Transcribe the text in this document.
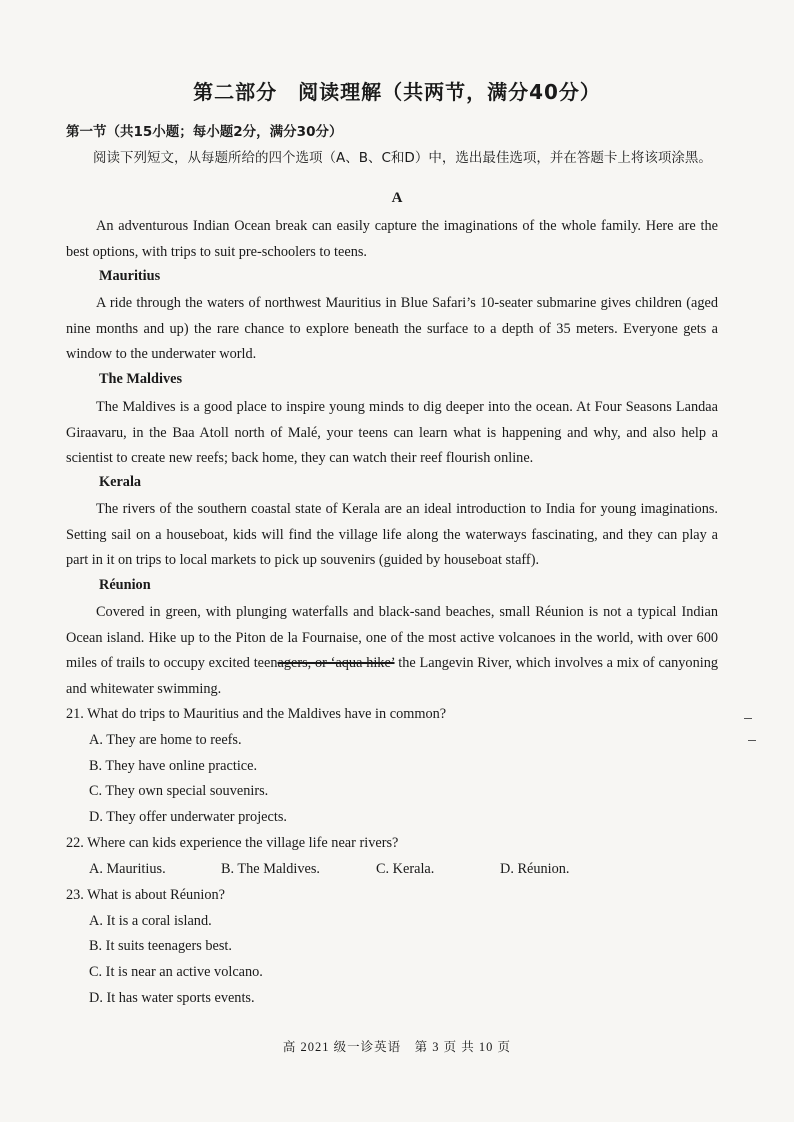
第二部分　阅读理解（共两节，满分40分）
第一节（共15小题；每小题2分，满分30分）
阅读下列短文，从每题所给的四个选项（A、B、C和D）中，选出最佳选项，并在答题卡上将该项涂黑。
A
An adventurous Indian Ocean break can easily capture the imaginations of the whole family. Here are the best options, with trips to suit pre-schoolers to teens.
Mauritius
A ride through the waters of northwest Mauritius in Blue Safari’s 10-seater submarine gives children (aged nine months and up) the rare chance to explore beneath the surface to a depth of 35 meters. Everyone gets a window to the underwater world.
The Maldives
The Maldives is a good place to inspire young minds to dig deeper into the ocean. At Four Seasons Landaa Giraavaru, in the Baa Atoll north of Malé, your teens can learn what is happening and why, and also help a scientist to create new reefs; back home, they can watch their reef flourish online.
Kerala
The rivers of the southern coastal state of Kerala are an ideal introduction to India for young imaginations. Setting sail on a houseboat, kids will find the village life along the waterways fascinating, and they can play a part in it on trips to local markets to pick up souvenirs (guided by houseboat staff).
Réunion
Covered in green, with plunging waterfalls and black-sand beaches, small Réunion is not a typical Indian Ocean island. Hike up to the Piton de la Fournaise, one of the most active volcanoes in the world, with over 600 miles of trails to occupy excited teenagers, or ‘aqua hike’ the Langevin River, which involves a mix of canyoning and whitewater swimming.
21. What do trips to Mauritius and the Maldives have in common?
A. They are home to reefs.
B. They have online practice.
C. They own special souvenirs.
D. They offer underwater projects.
22. Where can kids experience the village life near rivers?
A. Mauritius.	B. The Maldives.	C. Kerala.	D. Réunion.
23. What is about Réunion?
A. It is a coral island.
B. It suits teenagers best.
C. It is near an active volcano.
D. It has water sports events.
高 2021 级一诊英语　第 3 页 共 10 页
